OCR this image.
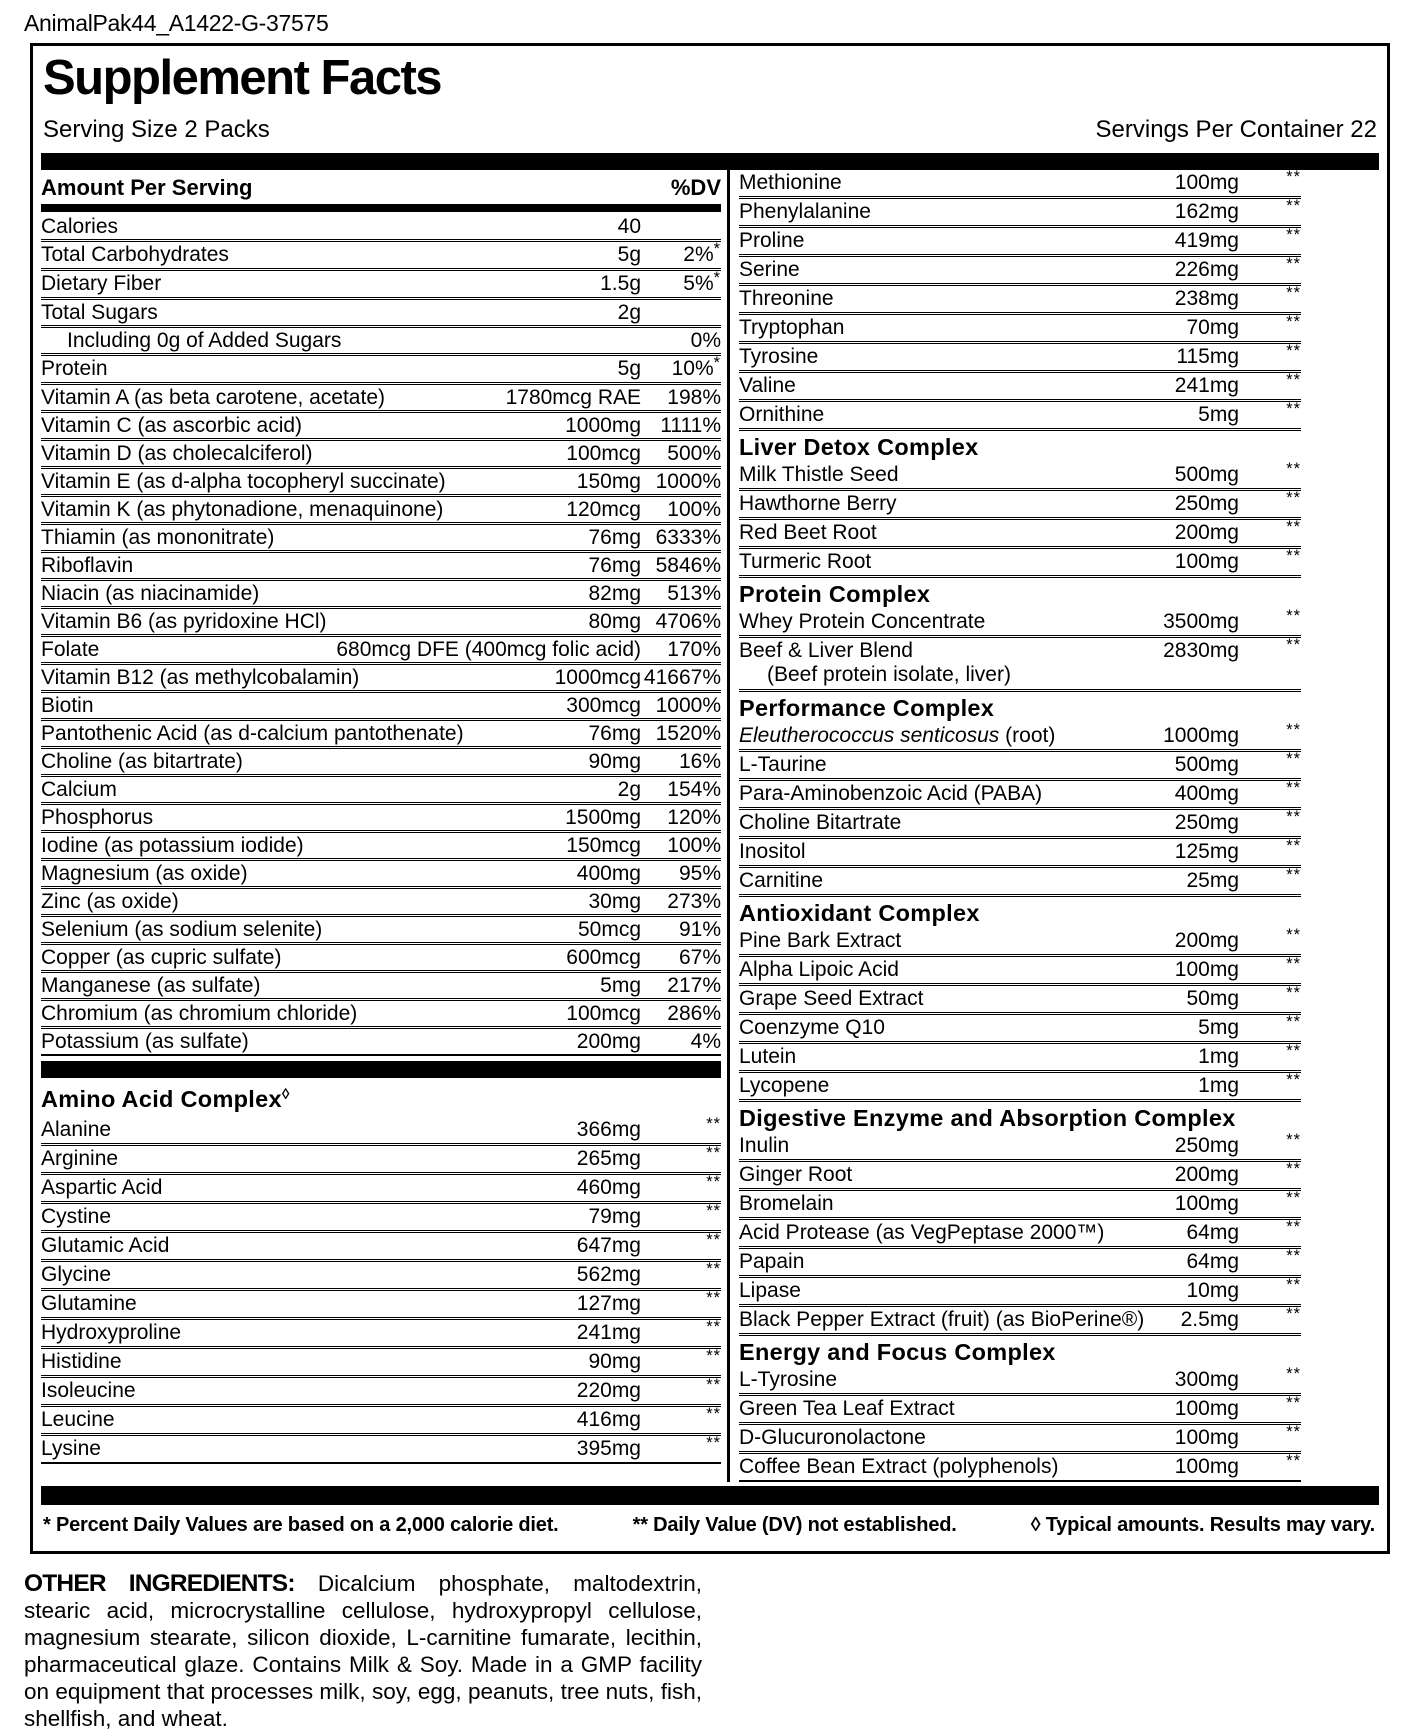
AnimalPak44_A1422-G-37575
Supplement Facts
Serving Size 2 Packs	Servings Per Container 22
Amount Per Serving	%DV
Calories	40
Total Carbohydrates	5g	2%*
Dietary Fiber	1.5g	5%*
Total Sugars	2g
Including 0g of Added Sugars	0%
Protein	5g	10%*
Vitamin A (as beta carotene, acetate)	1780mcg RAE	198%
Vitamin C (as ascorbic acid)	1000mg 1111%
Vitamin D (as cholecalciferol)	100mcg	500%
Vitamin E (as d-alpha tocopheryl succinate)	150mg 1000%
Vitamin K (as phytonadione, menaquinone)	120mcg	100%
Thiamin (as mononitrate)	76mg 6333%
Riboflavin	76mg 5846%
Niacin (as niacinamide)	82mg	513%
Vitamin B6 (as pyridoxine HCl)	80mg 4706%
Folate	680mcg DFE (400mcg folic acid)	170%
Vitamin B12 (as methylcobalamin)	1000mcg 41667%
Biotin	300mcg 1000%
Pantothenic Acid (as d-calcium pantothenate)	76mg 1520%
Choline (as bitartrate)	90mg	16%
Calcium	2g	154%
Phosphorus	1500mg	120%
Iodine (as potassium iodide)	150mcg	100%
Magnesium (as oxide)	400mg	95%
Zinc (as oxide)	30mg	273%
Selenium (as sodium selenite)	50mcg	91%
Copper (as cupric sulfate)	600mcg	67%
Manganese (as sulfate)	5mg	217%
Chromium (as chromium chloride)	100mcg	286%
Potassium (as sulfate)	200mg	4%
Amino Acid Complex◊
Alanine	366mg	**
Arginine	265mg	**
Aspartic Acid	460mg	**
Cystine	79mg	**
Glutamic Acid	647mg	**
Glycine	562mg	**
Glutamine	127mg	**
Hydroxyproline	241mg	**
Histidine	90mg	**
Isoleucine	220mg	**
Leucine	416mg	**
Lysine	395mg	**
Methionine	100mg	**
Phenylalanine	162mg	**
Proline	419mg	**
Serine	226mg	**
Threonine	238mg	**
Tryptophan	70mg	**
Tyrosine	115mg	**
Valine	241mg	**
Ornithine	5mg	**
Liver Detox Complex
Milk Thistle Seed	500mg	**
Hawthorne Berry	250mg	**
Red Beet Root	200mg	**
Turmeric Root	100mg	**
Protein Complex
Whey Protein Concentrate	3500mg	**
Beef & Liver Blend	2830mg	**
(Beef protein isolate, liver)
Performance Complex
Eleutherococcus senticosus (root)	1000mg	**
L-Taurine	500mg	**
Para-Aminobenzoic Acid (PABA)	400mg	**
Choline Bitartrate	250mg	**
Inositol	125mg	**
Carnitine	25mg	**
Antioxidant Complex
Pine Bark Extract	200mg	**
Alpha Lipoic Acid	100mg	**
Grape Seed Extract	50mg	**
Coenzyme Q10	5mg	**
Lutein	1mg	**
Lycopene	1mg	**
Digestive Enzyme and Absorption Complex
Inulin	250mg	**
Ginger Root	200mg	**
Bromelain	100mg	**
Acid Protease (as VegPeptase 2000™)	64mg	**
Papain	64mg	**
Lipase	10mg	**
Black Pepper Extract (fruit) (as BioPerine®)	2.5mg	**
Energy and Focus Complex
L-Tyrosine	300mg	**
Green Tea Leaf Extract	100mg	**
D-Glucuronolactone	100mg	**
Coffee Bean Extract (polyphenols)	100mg	**
* Percent Daily Values are based on a 2,000 calorie diet.	** Daily Value (DV) not established.	◊ Typical amounts. Results may vary.
OTHER INGREDIENTS: Dicalcium phosphate, maltodextrin, stearic acid, microcrystalline cellulose, hydroxypropyl cellulose, magnesium stearate, silicon dioxide, L-carnitine fumarate, lecithin, pharmaceutical glaze. Contains Milk & Soy. Made in a GMP facility on equipment that processes milk, soy, egg, peanuts, tree nuts, fish, shellfish, and wheat.
